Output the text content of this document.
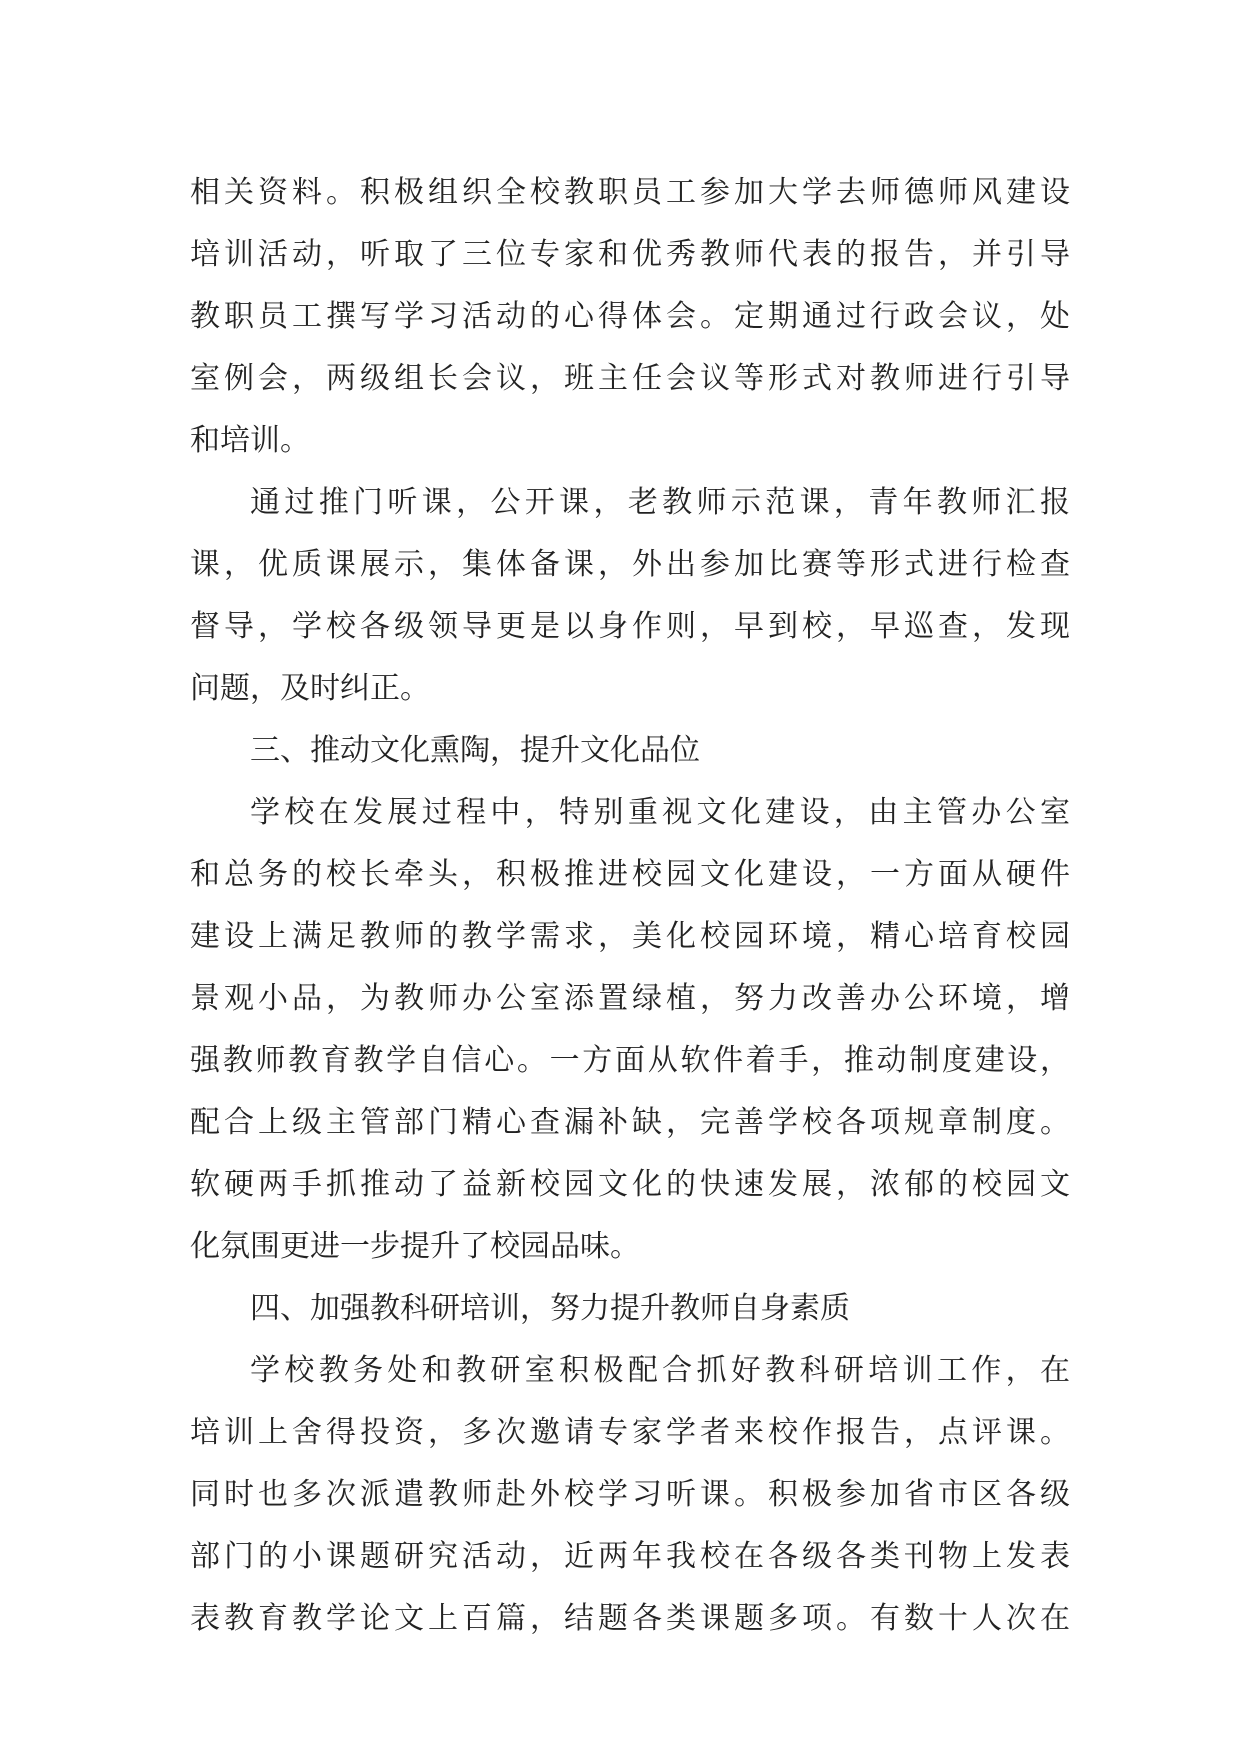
相关资料。积极组织全校教职员工参加大学去师德师风建设
培训活动，听取了三位专家和优秀教师代表的报告，并引导
教职员工撰写学习活动的心得体会。定期通过行政会议，处
室例会，两级组长会议，班主任会议等形式对教师进行引导
和培训。
通过推门听课，公开课，老教师示范课，青年教师汇报
课，优质课展示，集体备课，外出参加比赛等形式进行检查
督导，学校各级领导更是以身作则，早到校，早巡查，发现
问题，及时纠正。
三、推动文化熏陶，提升文化品位
学校在发展过程中，特别重视文化建设，由主管办公室
和总务的校长牵头，积极推进校园文化建设，一方面从硬件
建设上满足教师的教学需求，美化校园环境，精心培育校园
景观小品，为教师办公室添置绿植，努力改善办公环境，增
强教师教育教学自信心。一方面从软件着手，推动制度建设，
配合上级主管部门精心查漏补缺，完善学校各项规章制度。
软硬两手抓推动了益新校园文化的快速发展，浓郁的校园文
化氛围更进一步提升了校园品味。
四、加强教科研培训，努力提升教师自身素质
学校教务处和教研室积极配合抓好教科研培训工作，在
培训上舍得投资，多次邀请专家学者来校作报告，点评课。
同时也多次派遣教师赴外校学习听课。积极参加省市区各级
部门的小课题研究活动，近两年我校在各级各类刊物上发表
表教育教学论文上百篇，结题各类课题多项。有数十人次在
